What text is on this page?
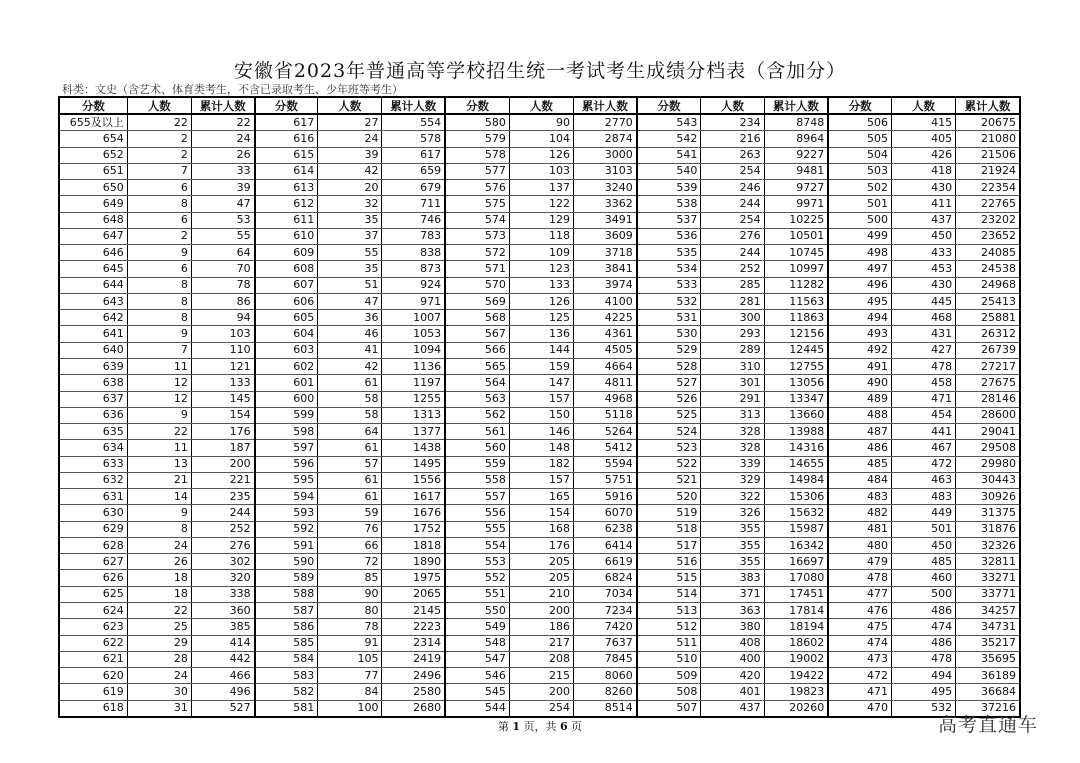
安徽省2023年普通高等学校招生统一考试考生成绩分档表（含加分）
科类：文史（含艺术、体育类考生，不含已录取考生、少年班等考生）
分数	人数	累计人数	分数	人数	累计人数	分数	人数	累计人数	分数	人数	累计人数	分数	人数	累计人数
655及以上	22	22	617	27	554	580	90	2770	543	234	8748	506	415	20675
654	2	24	616	24	578	579	104	2874	542	216	8964	505	405	21080
652	2	26	615	39	617	578	126	3000	541	263	9227	504	426	21506
651	7	33	614	42	659	577	103	3103	540	254	9481	503	418	21924
650	6	39	613	20	679	576	137	3240	539	246	9727	502	430	22354
649	8	47	612	32	711	575	122	3362	538	244	9971	501	411	22765
648	6	53	611	35	746	574	129	3491	537	254	10225	500	437	23202
647	2	55	610	37	783	573	118	3609	536	276	10501	499	450	23652
646	9	64	609	55	838	572	109	3718	535	244	10745	498	433	24085
645	6	70	608	35	873	571	123	3841	534	252	10997	497	453	24538
644	8	78	607	51	924	570	133	3974	533	285	11282	496	430	24968
643	8	86	606	47	971	569	126	4100	532	281	11563	495	445	25413
642	8	94	605	36	1007	568	125	4225	531	300	11863	494	468	25881
641	9	103	604	46	1053	567	136	4361	530	293	12156	493	431	26312
640	7	110	603	41	1094	566	144	4505	529	289	12445	492	427	26739
639	11	121	602	42	1136	565	159	4664	528	310	12755	491	478	27217
638	12	133	601	61	1197	564	147	4811	527	301	13056	490	458	27675
637	12	145	600	58	1255	563	157	4968	526	291	13347	489	471	28146
636	9	154	599	58	1313	562	150	5118	525	313	13660	488	454	28600
635	22	176	598	64	1377	561	146	5264	524	328	13988	487	441	29041
634	11	187	597	61	1438	560	148	5412	523	328	14316	486	467	29508
633	13	200	596	57	1495	559	182	5594	522	339	14655	485	472	29980
632	21	221	595	61	1556	558	157	5751	521	329	14984	484	463	30443
631	14	235	594	61	1617	557	165	5916	520	322	15306	483	483	30926
630	9	244	593	59	1676	556	154	6070	519	326	15632	482	449	31375
629	8	252	592	76	1752	555	168	6238	518	355	15987	481	501	31876
628	24	276	591	66	1818	554	176	6414	517	355	16342	480	450	32326
627	26	302	590	72	1890	553	205	6619	516	355	16697	479	485	32811
626	18	320	589	85	1975	552	205	6824	515	383	17080	478	460	33271
625	18	338	588	90	2065	551	210	7034	514	371	17451	477	500	33771
624	22	360	587	80	2145	550	200	7234	513	363	17814	476	486	34257
623	25	385	586	78	2223	549	186	7420	512	380	18194	475	474	34731
622	29	414	585	91	2314	548	217	7637	511	408	18602	474	486	35217
621	28	442	584	105	2419	547	208	7845	510	400	19002	473	478	35695
620	24	466	583	77	2496	546	215	8060	509	420	19422	472	494	36189
619	30	496	582	84	2580	545	200	8260	508	401	19823	471	495	36684
618	31	527	581	100	2680	544	254	8514	507	437	20260	470	532	37216
第 1 页，共 6 页	高考直通车
